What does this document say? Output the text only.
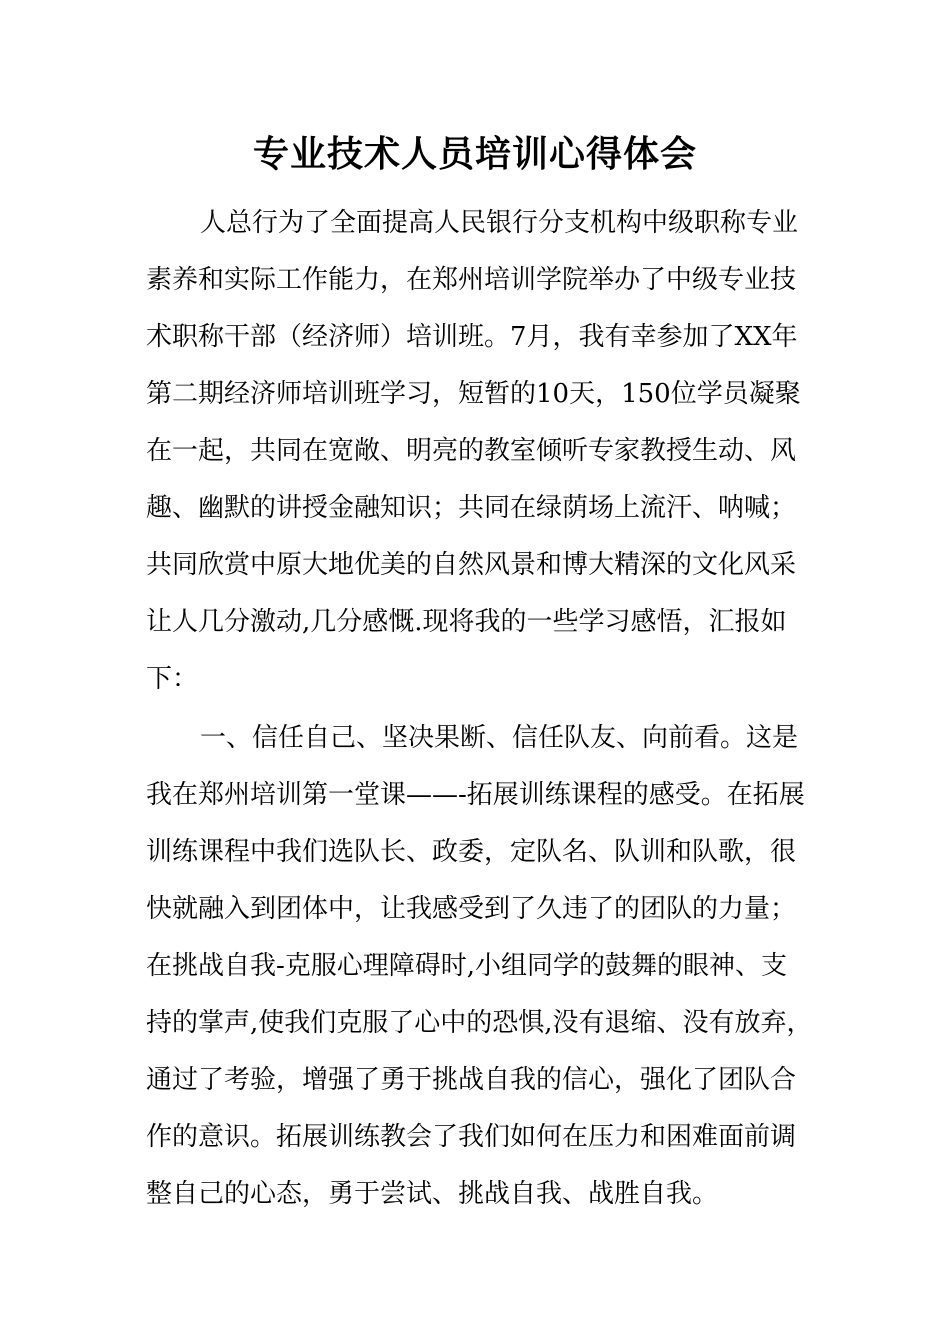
专业技术人员培训心得体会

人总行为了全面提高人民银行分支机构中级职称专业

素养和实际工作能力，在郑州培训学院举办了中级专业技

术职称干部（经济师）培训班。7月，我有幸参加了XX年

第二期经济师培训班学习，短暂的10天，150位学员凝聚

在一起，共同在宽敞、明亮的教室倾听专家教授生动、风

趣、幽默的讲授金融知识；共同在绿荫场上流汗、呐喊；

共同欣赏中原大地优美的自然风景和博大精深的文化风采

让人几分激动,几分感慨.现将我的一些学习感悟，汇报如

下：

一、信任自己、坚决果断、信任队友、向前看。这是

我在郑州培训第一堂课——-拓展训练课程的感受。在拓展

训练课程中我们选队长、政委，定队名、队训和队歌，很

快就融入到团体中，让我感受到了久违了的团队的力量；

在挑战自我-克服心理障碍时,小组同学的鼓舞的眼神、支

持的掌声,使我们克服了心中的恐惧,没有退缩、没有放弃，

通过了考验，增强了勇于挑战自我的信心，强化了团队合

作的意识。拓展训练教会了我们如何在压力和困难面前调

整自己的心态，勇于尝试、挑战自我、战胜自我。
